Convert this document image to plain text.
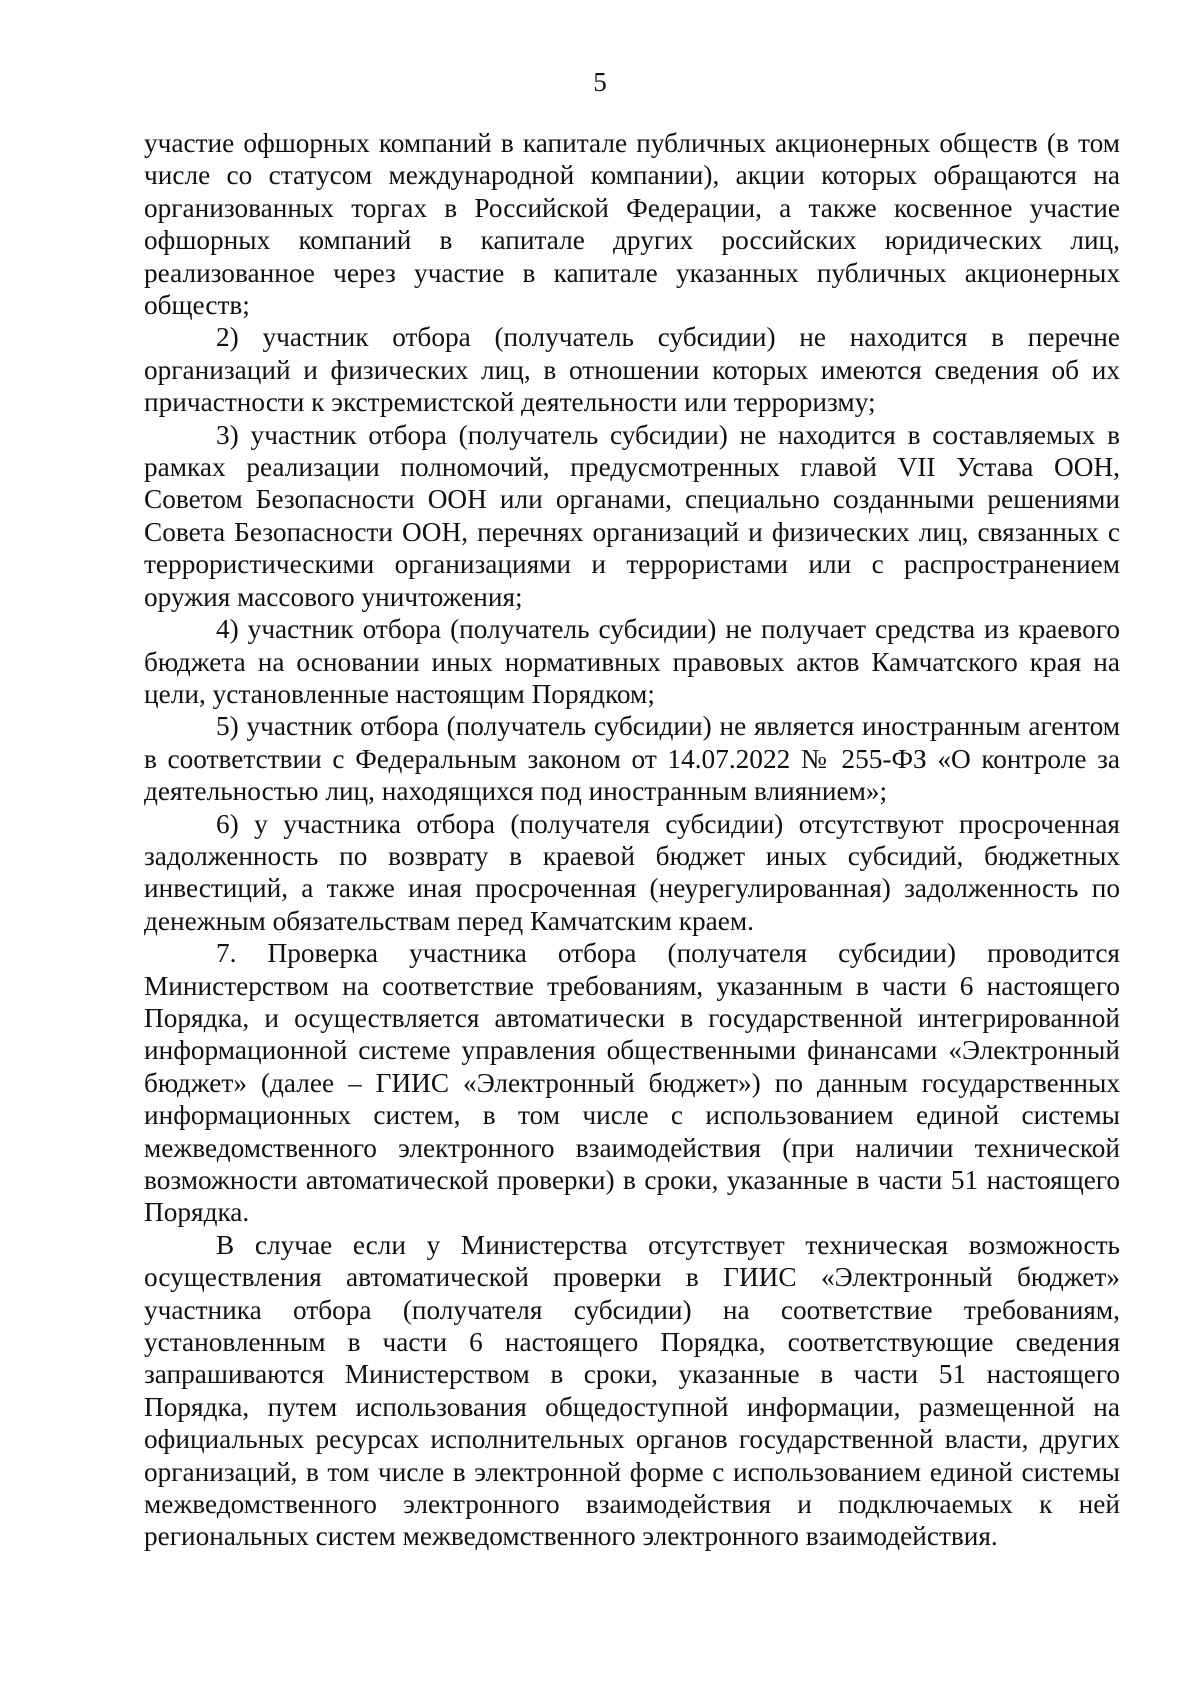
5

участие офшорных компаний в капитале публичных акционерных обществ (в том числе со статусом международной компании), акции которых обращаются на организованных торгах в Российской Федерации, а также косвенное участие офшорных компаний в капитале других российских юридических лиц, реализованное через участие в капитале указанных публичных акционерных обществ;

2) участник отбора (получатель субсидии) не находится в перечне организаций и физических лиц, в отношении которых имеются сведения об их причастности к экстремистской деятельности или терроризму;

3) участник отбора (получатель субсидии) не находится в составляемых в рамках реализации полномочий, предусмотренных главой VII Устава ООН, Советом Безопасности ООН или органами, специально созданными решениями Совета Безопасности ООН, перечнях организаций и физических лиц, связанных с террористическими организациями и террористами или с распространением оружия массового уничтожения;

4) участник отбора (получатель субсидии) не получает средства из краевого бюджета на основании иных нормативных правовых актов Камчатского края на цели, установленные настоящим Порядком;

5) участник отбора (получатель субсидии) не является иностранным агентом в соответствии с Федеральным законом от 14.07.2022 № 255-ФЗ «О контроле за деятельностью лиц, находящихся под иностранным влиянием»;

6) у участника отбора (получателя субсидии) отсутствуют просроченная задолженность по возврату в краевой бюджет иных субсидий, бюджетных инвестиций, а также иная просроченная (неурегулированная) задолженность по денежным обязательствам перед Камчатским краем.

7. Проверка участника отбора (получателя субсидии) проводится Министерством на соответствие требованиям, указанным в части 6 настоящего Порядка, и осуществляется автоматически в государственной интегрированной информационной системе управления общественными финансами «Электронный бюджет» (далее – ГИИС «Электронный бюджет») по данным государственных информационных систем, в том числе с использованием единой системы межведомственного электронного взаимодействия (при наличии технической возможности автоматической проверки) в сроки, указанные в части 51 настоящего Порядка.

В случае если у Министерства отсутствует техническая возможность осуществления автоматической проверки в ГИИС «Электронный бюджет» участника отбора (получателя субсидии) на соответствие требованиям, установленным в части 6 настоящего Порядка, соответствующие сведения запрашиваются Министерством в сроки, указанные в части 51 настоящего Порядка, путем использования общедоступной информации, размещенной на официальных ресурсах исполнительных органов государственной власти, других организаций, в том числе в электронной форме с использованием единой системы межведомственного электронного взаимодействия и подключаемых к ней региональных систем межведомственного электронного взаимодействия.
